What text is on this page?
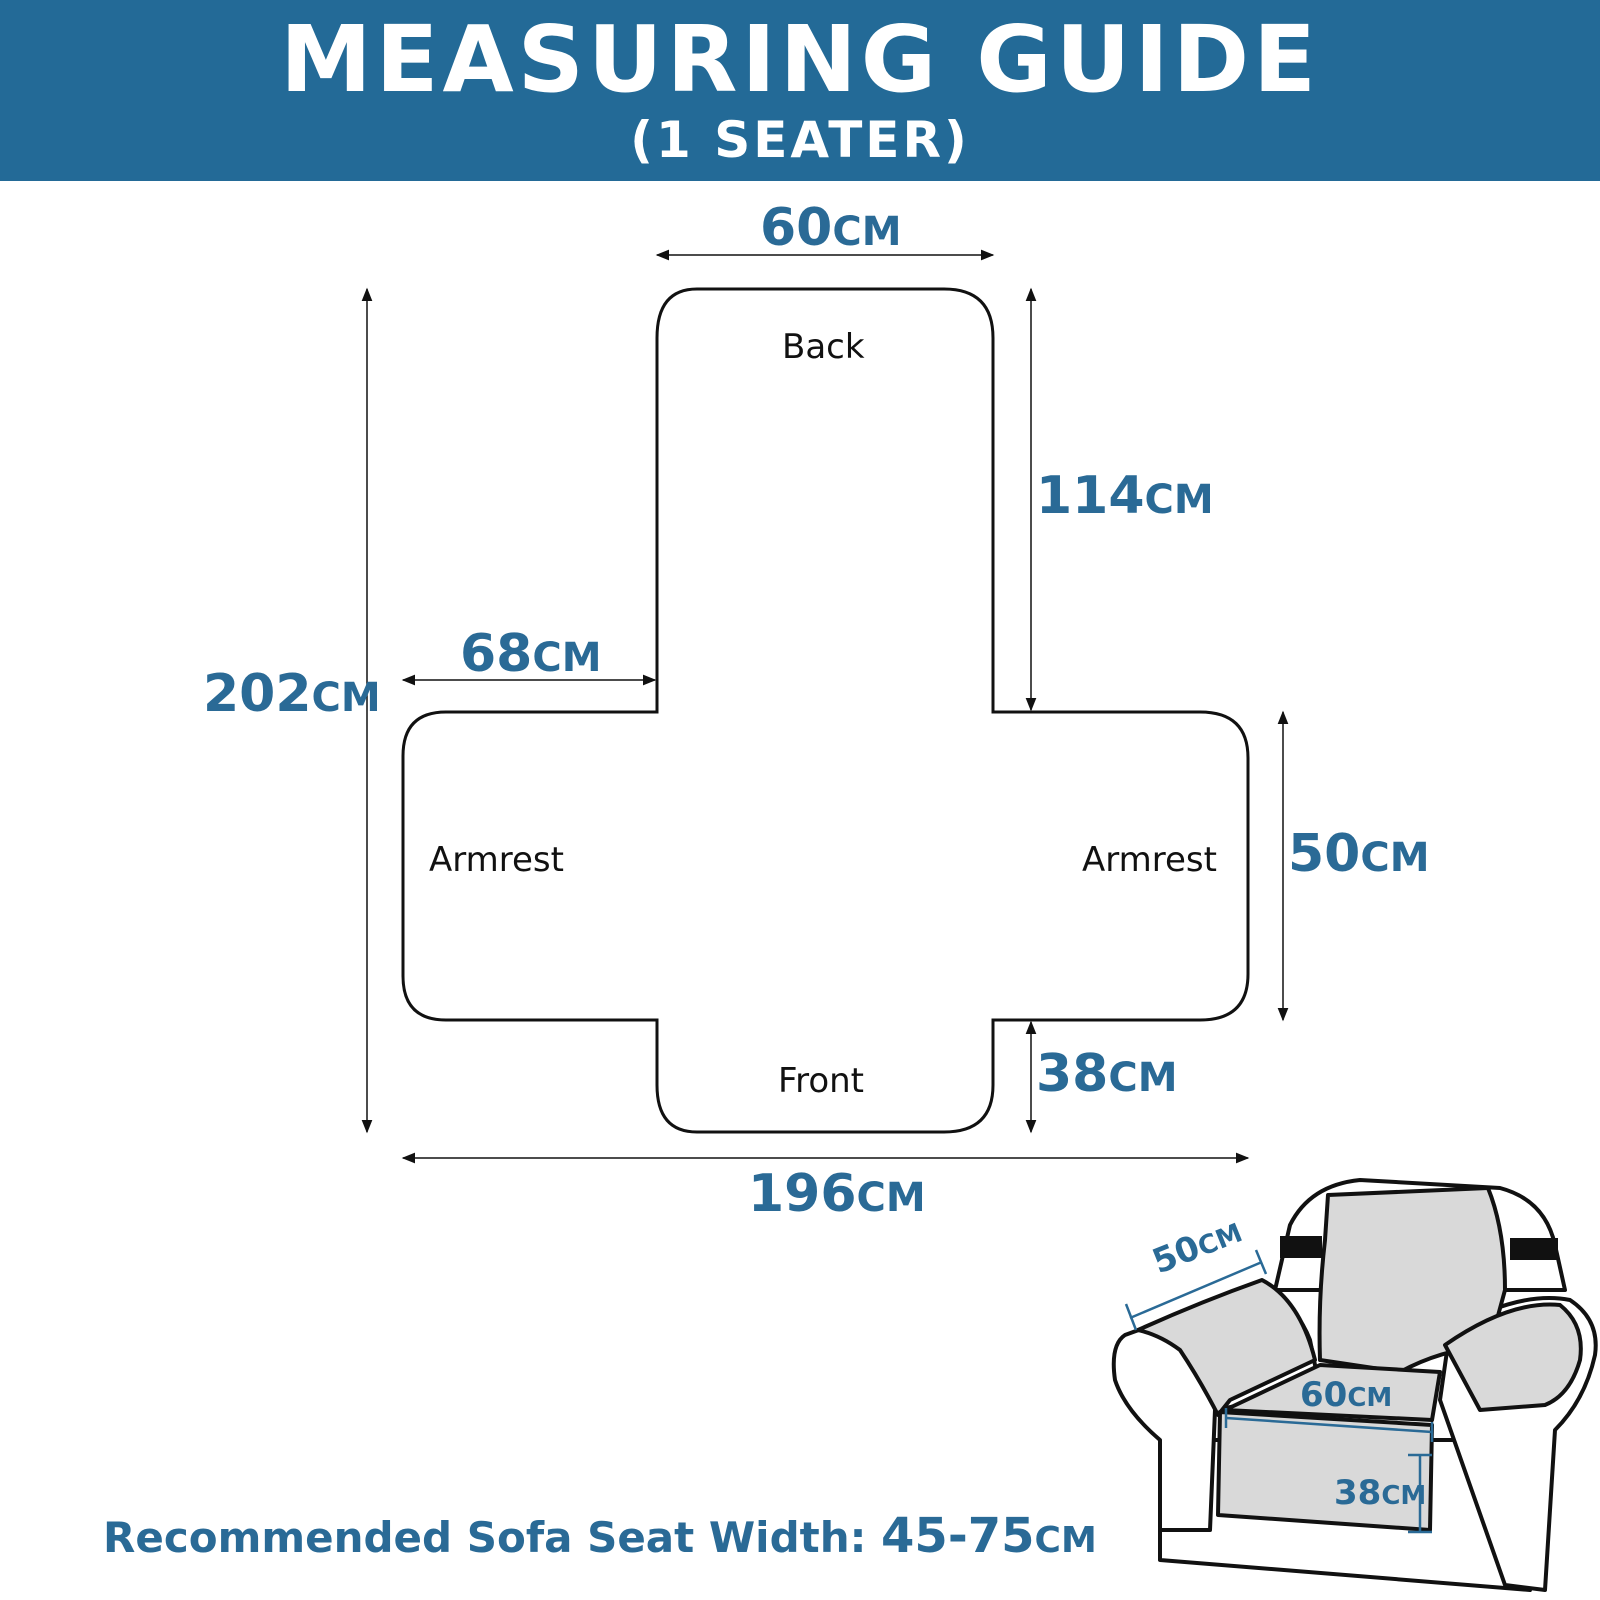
MEASURING GUIDE
(1 SEATER)
Back
Front
Armrest	Armrest
60CM
114CM
68CM
202CM
50CM
38CM
196CM
50CM
60CM
38CM
Recommended Sofa Seat Width: 45-75CM
